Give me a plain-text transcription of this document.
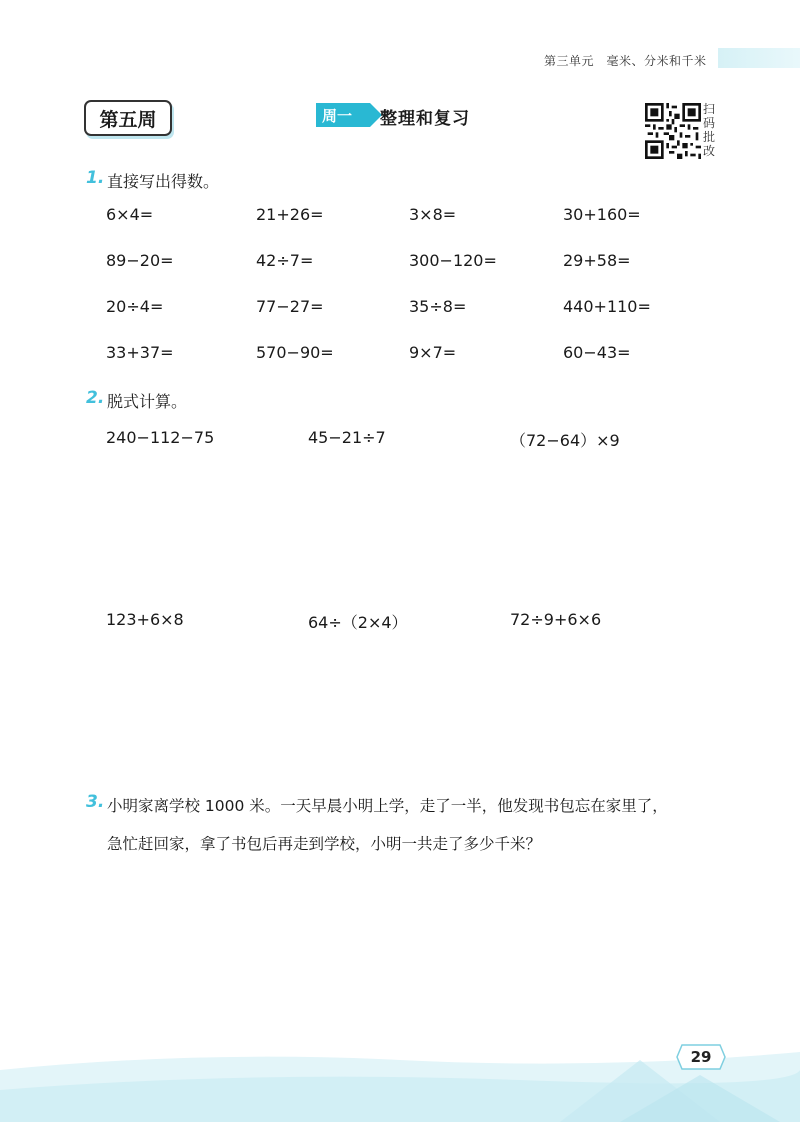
第三单元　毫米、分米和千米
第五周	周一	整理和复习	扫码批改
1. 直接写出得数。
6×4=	21+26=	3×8=	30+160=
89−20=	42÷7=	300−120=	29+58=
20÷4=	77−27=	35÷8=	440+110=
33+37=	570−90=	9×7=	60−43=
2. 脱式计算。
240−112−75	45−21÷7	（72−64）×9
123+6×8	64÷（2×4）	72÷9+6×6
3. 小明家离学校 1000 米。一天早晨小明上学，走了一半，他发现书包忘在家里了，
急忙赶回家，拿了书包后再走到学校，小明一共走了多少千米？
29
